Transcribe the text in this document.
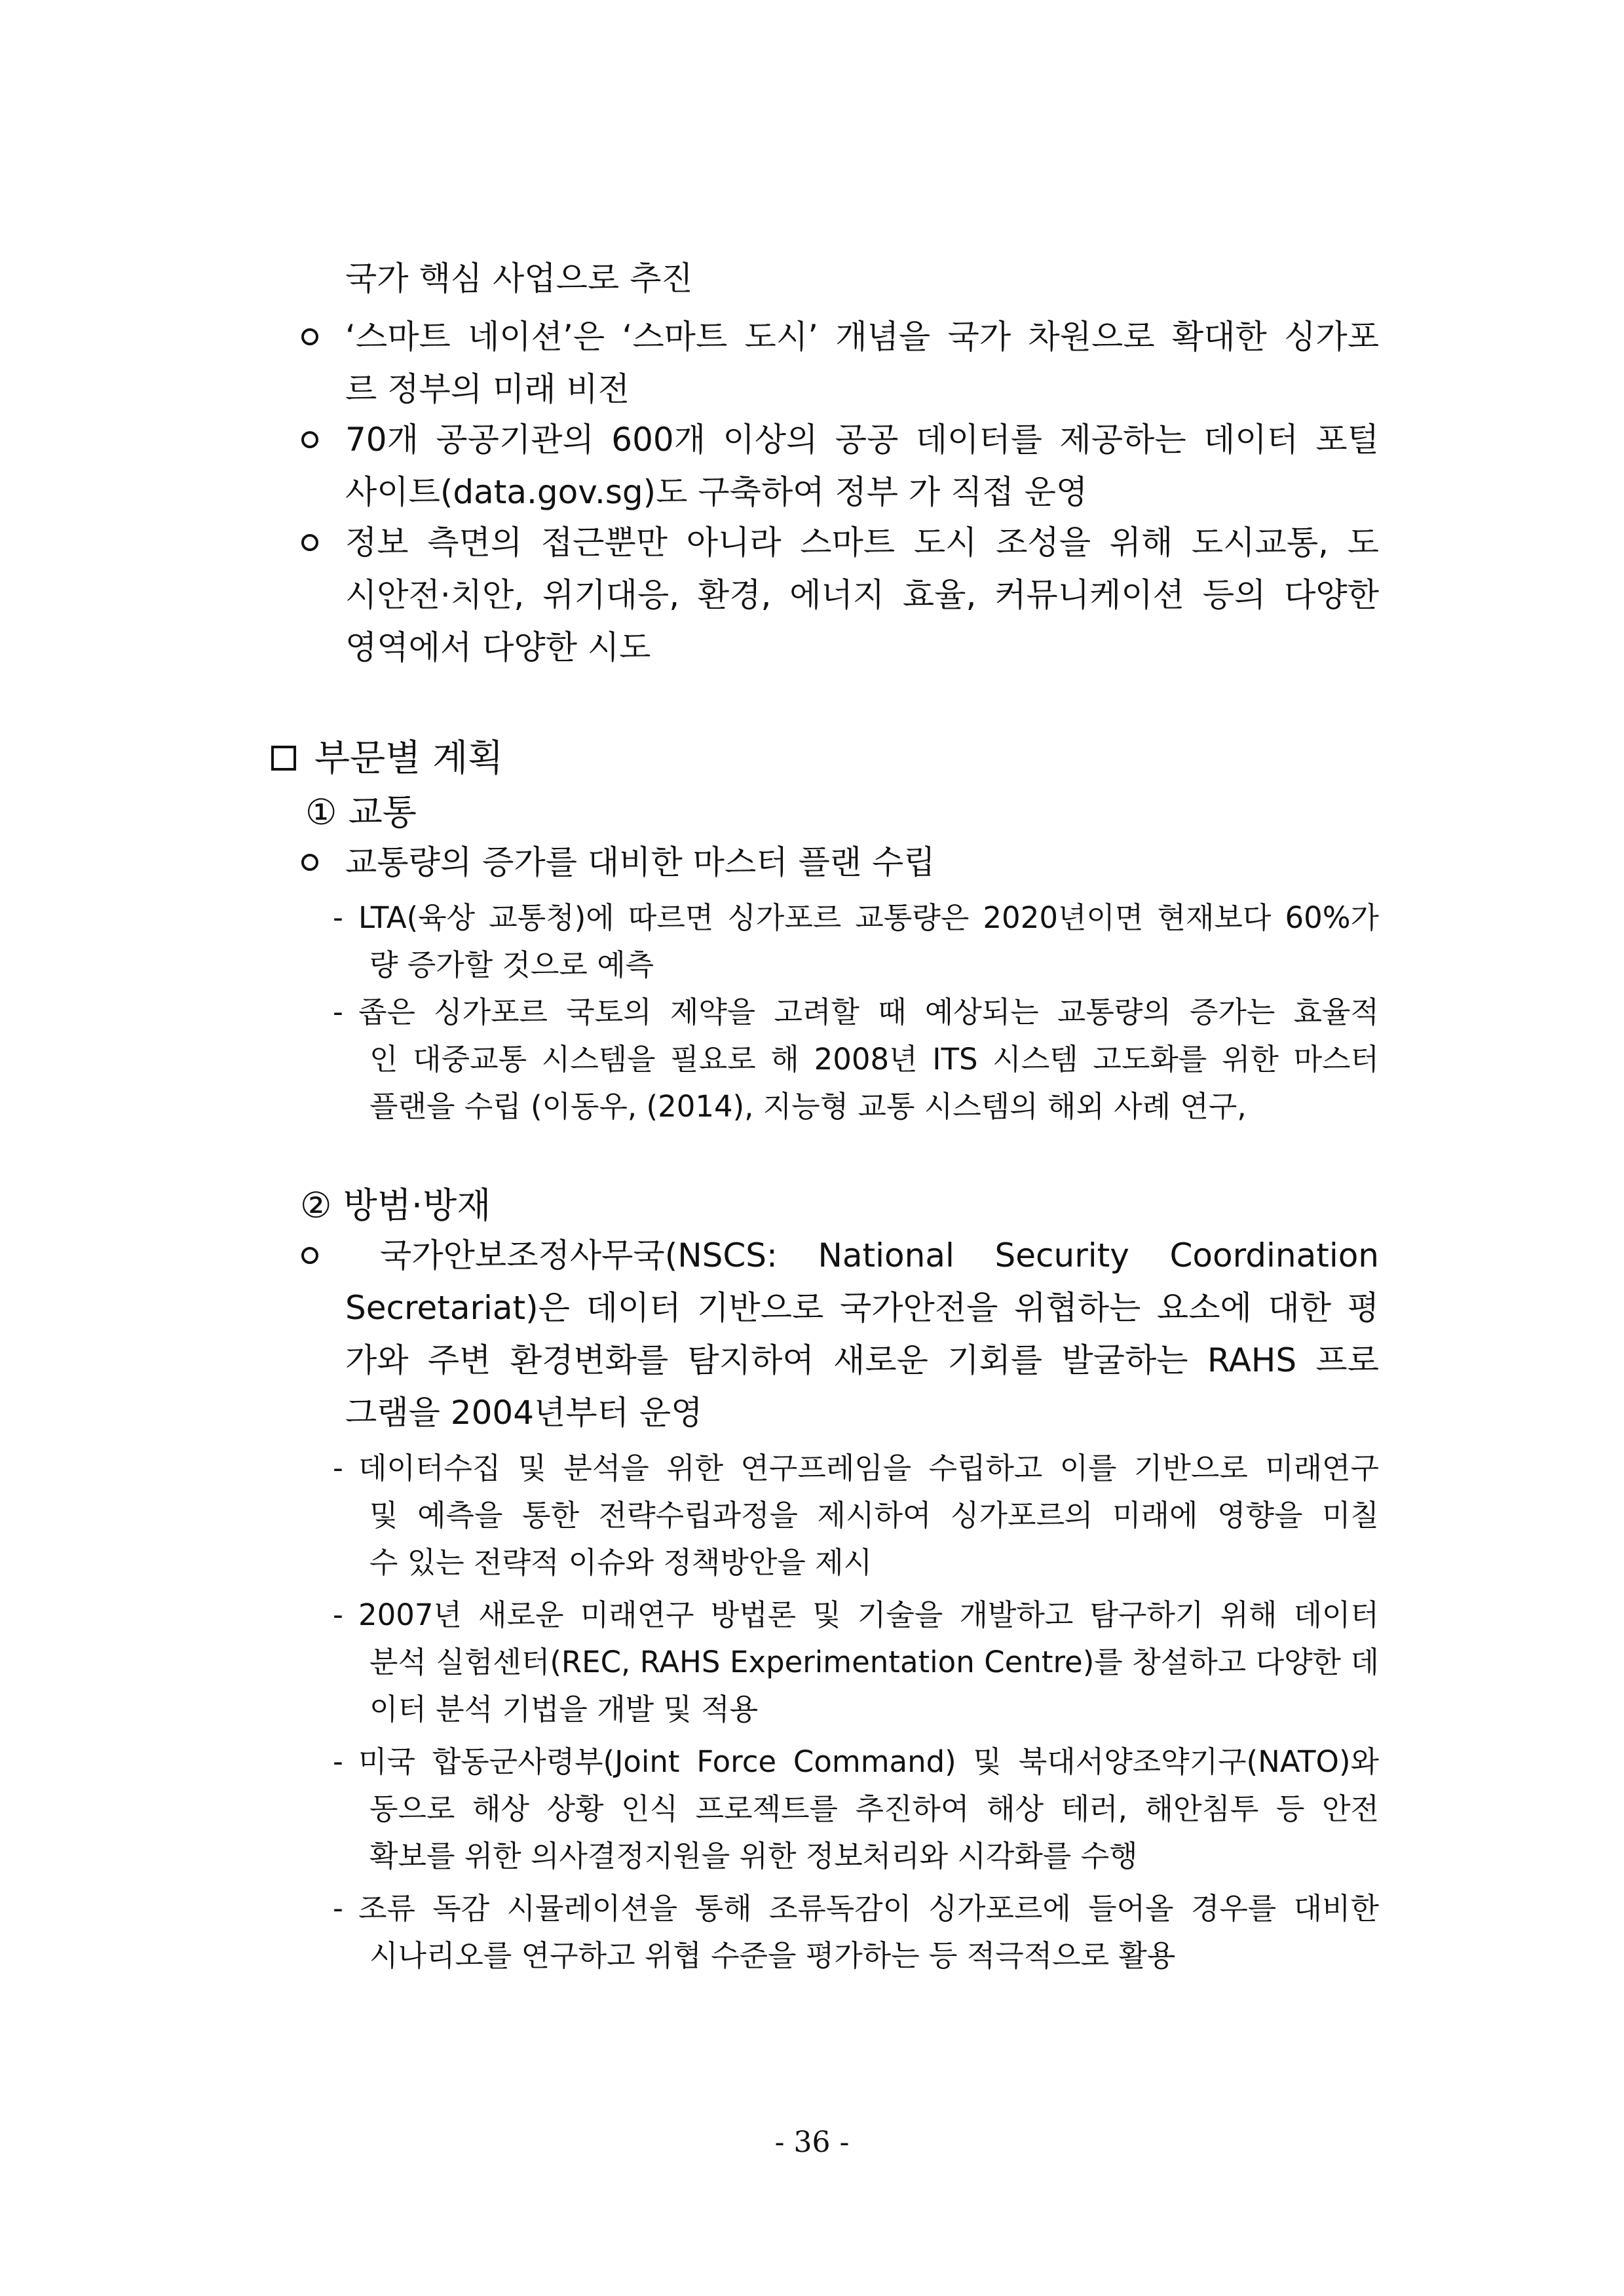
국가 핵심 사업으로 추진
‘스마트 네이션’은 ‘스마트 도시’ 개념을 국가 차원으로 확대한 싱가포
르 정부의 미래 비전
70개 공공기관의 600개 이상의 공공 데이터를 제공하는 데이터 포털
사이트(data.gov.sg)도 구축하여 정부 가 직접 운영
정보 측면의 접근뿐만 아니라 스마트 도시 조성을 위해 도시교통, 도
시안전·치안, 위기대응, 환경, 에너지 효율, 커뮤니케이션 등의 다양한
영역에서 다양한 시도
부문별 계획
① 교통
교통량의 증가를 대비한 마스터 플랜 수립
- LTA(육상 교통청)에 따르면 싱가포르 교통량은 2020년이면 현재보다 60%가
량 증가할 것으로 예측
- 좁은 싱가포르 국토의 제약을 고려할 때 예상되는 교통량의 증가는 효율적
인 대중교통 시스템을 필요로 해 2008년 ITS 시스템 고도화를 위한 마스터
플랜을 수립 (이동우, (2014), 지능형 교통 시스템의 해외 사례 연구,
② 방범·방재
국가안보조정사무국(NSCS: National Security Coordination
Secretariat)은 데이터 기반으로 국가안전을 위협하는 요소에 대한 평
가와 주변 환경변화를 탐지하여 새로운 기회를 발굴하는 RAHS 프로
그램을 2004년부터 운영
- 데이터수집 및 분석을 위한 연구프레임을 수립하고 이를 기반으로 미래연구
및 예측을 통한 전략수립과정을 제시하여 싱가포르의 미래에 영향을 미칠
수 있는 전략적 이슈와 정책방안을 제시
- 2007년 새로운 미래연구 방법론 및 기술을 개발하고 탐구하기 위해 데이터
분석 실험센터(REC, RAHS Experimentation Centre)를 창설하고 다양한 데
이터 분석 기법을 개발 및 적용
- 미국 합동군사령부(Joint Force Command) 및 북대서양조약기구(NATO)와
동으로 해상 상황 인식 프로젝트를 추진하여 해상 테러, 해안침투 등 안전
확보를 위한 의사결정지원을 위한 정보처리와 시각화를 수행
- 조류 독감 시뮬레이션을 통해 조류독감이 싱가포르에 들어올 경우를 대비한
시나리오를 연구하고 위협 수준을 평가하는 등 적극적으로 활용
- 36 -
